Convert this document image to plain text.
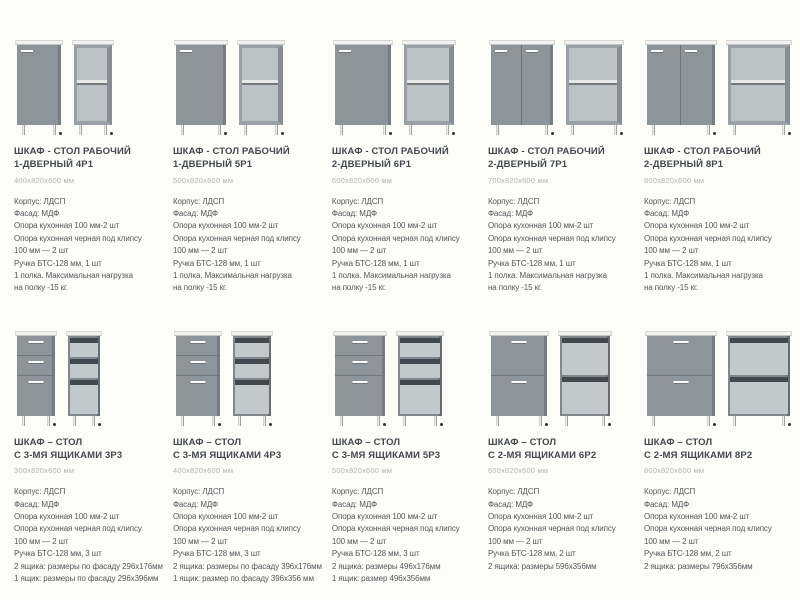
ШКАФ - СТОЛ РАБОЧИЙ
1-ДВЕРНЫЙ 4Р1
400х820х600 мм
Корпус: ЛДСП
Фасад: МДФ
Опора кухонная 100 мм-2 шт
Опора кухонная черная под клипсу
100 мм — 2 шт
Ручка БТС-128 мм, 1 шт
1 полка. Максимальная нагрузка
на полку -15 кг.
ШКАФ - СТОЛ РАБОЧИЙ
1-ДВЕРНЫЙ 5Р1
500х820х600 мм
Корпус: ЛДСП
Фасад: МДФ
Опора кухонная 100 мм-2 шт
Опора кухонная черная под клипсу
100 мм — 2 шт
Ручка БТС-128 мм, 1 шт
1 полка. Максимальная нагрузка
на полку -15 кг.
ШКАФ - СТОЛ РАБОЧИЙ
2-ДВЕРНЫЙ 6Р1
600х820х600 мм
Корпус: ЛДСП
Фасад: МДФ
Опора кухонная 100 мм-2 шт
Опора кухонная черная под клипсу
100 мм — 2 шт
Ручка БТС-128 мм, 1 шт
1 полка. Максимальная нагрузка
на полку -15 кг.
ШКАФ - СТОЛ РАБОЧИЙ
2-ДВЕРНЫЙ 7Р1
700х820х600 мм
Корпус: ЛДСП
Фасад: МДФ
Опора кухонная 100 мм-2 шт
Опора кухонная черная под клипсу
100 мм — 2 шт
Ручка БТС-128 мм, 1 шт
1 полка. Максимальная нагрузка
на полку -15 кг.
ШКАФ - СТОЛ РАБОЧИЙ
2-ДВЕРНЫЙ 8Р1
800х820х600 мм
Корпус: ЛДСП
Фасад: МДФ
Опора кухонная 100 мм-2 шт
Опора кухонная черная под клипсу
100 мм — 2 шт
Ручка БТС-128 мм, 1 шт
1 полка. Максимальная нагрузка
на полку -15 кг.
ШКАФ – СТОЛ
С 3-МЯ ЯЩИКАМИ 3Р3
300х820х600 мм
Корпус: ЛДСП
Фасад: МДФ
Опора кухонная 100 мм-2 шт
Опора кухонная черная под клипсу
100 мм — 2 шт
Ручка БТС-128 мм, 3 шт
2 ящика: размеры по фасаду 296х176мм
1 ящик: размеры по фасаду 296х396мм
ШКАФ – СТОЛ
С 3-МЯ ЯЩИКАМИ 4Р3
400х820х600 мм
Корпус: ЛДСП
Фасад: МДФ
Опора кухонная 100 мм-2 шт
Опора кухонная черная под клипсу
100 мм — 2 шт
Ручка БТС-128 мм, 3 шт
2 ящика: размеры по фасаду 396х176мм
1 ящик: размер по фасаду 396х356 мм
ШКАФ – СТОЛ
С 3-МЯ ЯЩИКАМИ 5Р3
500х820х600 мм
Корпус: ЛДСП
Фасад: МДФ
Опора кухонная 100 мм-2 шт
Опора кухонная черная под клипсу
100 мм — 2 шт
Ручка БТС-128 мм, 3 шт
2 ящика: размеры 496х176мм
1 ящик: размер 496х356мм
ШКАФ – СТОЛ
С 2-МЯ ЯЩИКАМИ 6Р2
600х820х600 мм
Корпус: ЛДСП
Фасад: МДФ
Опора кухонная 100 мм-2 шт
Опора кухонная черная под клипсу
100 мм — 2 шт
Ручка БТС-128 мм, 2 шт
2 ящика: размеры 596х356мм
ШКАФ – СТОЛ
С 2-МЯ ЯЩИКАМИ 8Р2
800х820х600 мм
Корпус: ЛДСП
Фасад: МДФ
Опора кухонная 100 мм-2 шт
Опора кухонная черная под клипсу
100 мм — 2 шт
Ручка БТС-128 мм, 2 шт
2 ящика: размеры 796х356мм
